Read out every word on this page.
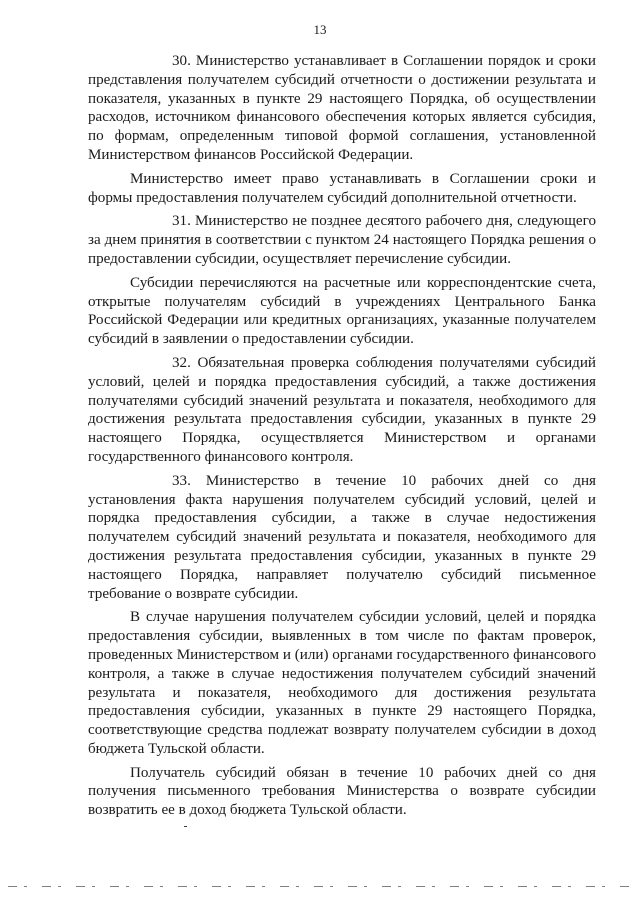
13

30. Министерство устанавливает в Соглашении порядок и сроки представления получателем субсидий отчетности о достижении результата и показателя, указанных в пункте 29 настоящего Порядка, об осуществлении расходов, источником финансового обеспечения которых является субсидия, по формам, определенным типовой формой соглашения, установленной Министерством финансов Российской Федерации.

Министерство имеет право устанавливать в Соглашении сроки и формы предоставления получателем субсидий дополнительной отчетности.

31. Министерство не позднее десятого рабочего дня, следующего за днем принятия в соответствии с пунктом 24 настоящего Порядка решения о предоставлении субсидии, осуществляет перечисление субсидии.

Субсидии перечисляются на расчетные или корреспондентские счета, открытые получателям субсидий в учреждениях Центрального Банка Российской Федерации или кредитных организациях, указанные получателем субсидий в заявлении о предоставлении субсидии.

32. Обязательная проверка соблюдения получателями субсидий условий, целей и порядка предоставления субсидий, а также достижения получателями субсидий значений результата и показателя, необходимого для достижения результата предоставления субсидии, указанных в пункте 29 настоящего Порядка, осуществляется Министерством и органами государственного финансового контроля.

33. Министерство в течение 10 рабочих дней со дня установления факта нарушения получателем субсидий условий, целей и порядка предоставления субсидии, а также в случае недостижения получателем субсидий значений результата и показателя, необходимого для достижения результата предоставления субсидии, указанных в пункте 29 настоящего Порядка, направляет получателю субсидий письменное требование о возврате субсидии.

В случае нарушения получателем субсидии условий, целей и порядка предоставления субсидии, выявленных в том числе по фактам проверок, проведенных Министерством и (или) органами государственного финансового контроля, а также в случае недостижения получателем субсидий значений результата и показателя, необходимого для достижения результата предоставления субсидии, указанных в пункте 29 настоящего Порядка, соответствующие средства подлежат возврату получателем субсидии в доход бюджета Тульской области.

Получатель субсидий обязан в течение 10 рабочих дней со дня получения письменного требования Министерства о возврате субсидии возвратить ее в доход бюджета Тульской области.
